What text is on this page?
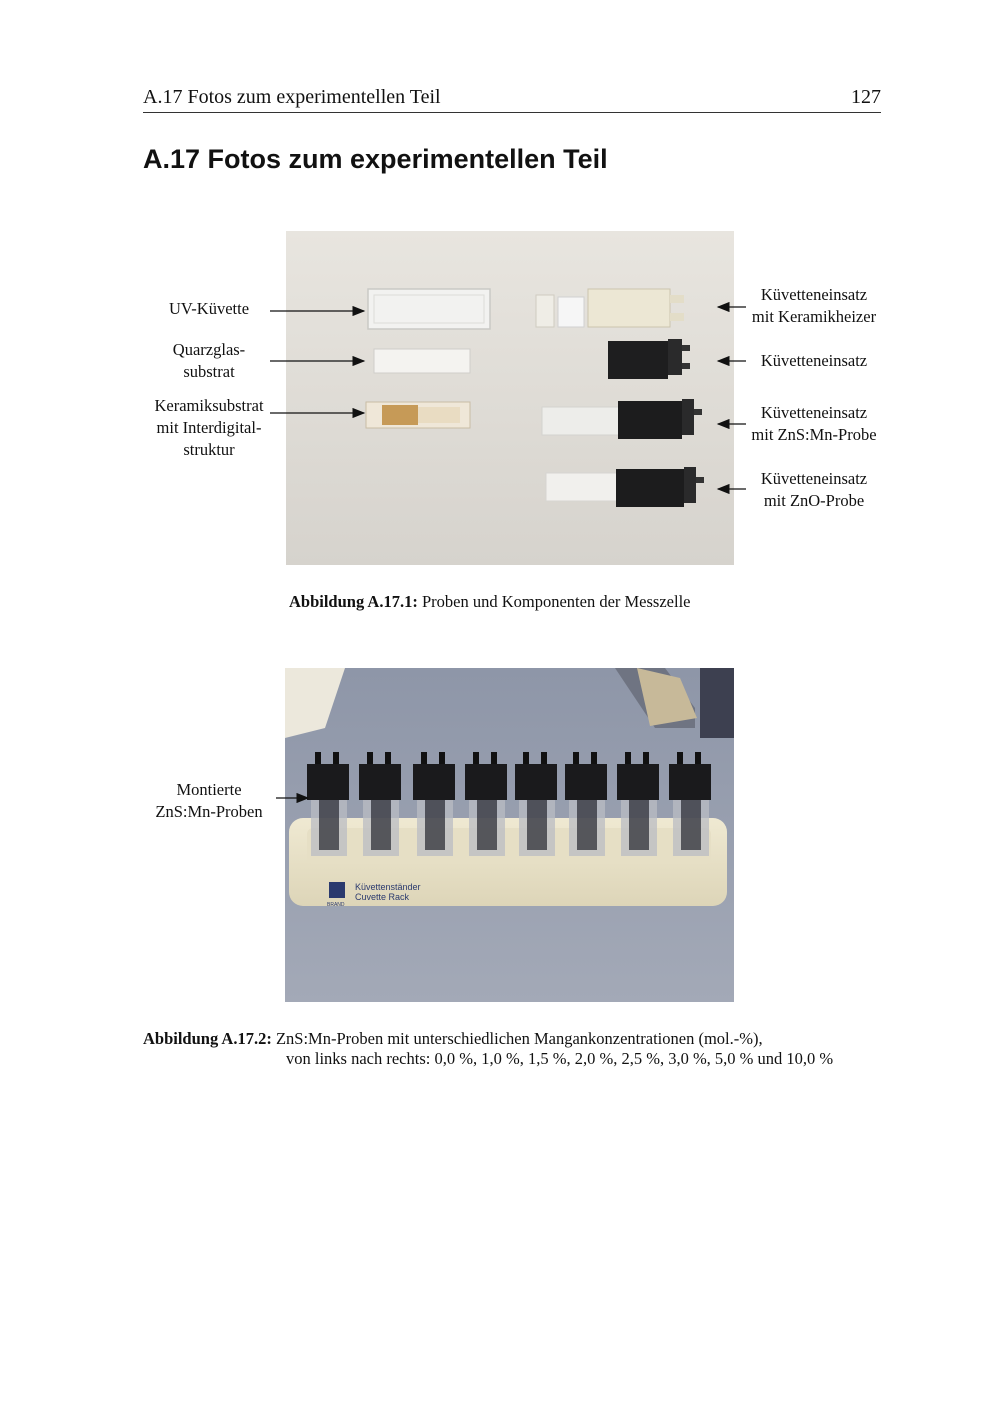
A.17 Fotos zum experimentellen Teil	127
A.17 Fotos zum experimentellen Teil
UV-Küvette
Quarzglas-
substrat
Keramiksubstrat
mit Interdigital-
struktur
Küvetteneinsatz
mit Keramikheizer
Küvetteneinsatz
Küvetteneinsatz
mit ZnS:Mn-Probe
Küvetteneinsatz
mit ZnO-Probe
Abbildung A.17.1: Proben und Komponenten der Messzelle
Küvettenständer
Cuvette Rack
BRAND
Montierte
ZnS:Mn-Proben
Abbildung A.17.2: ZnS:Mn-Proben mit unterschiedlichen Mangankonzentrationen (mol.-%),
von links nach rechts: 0,0 %, 1,0 %, 1,5 %, 2,0 %, 2,5 %, 3,0 %, 5,0 % und 10,0 %
